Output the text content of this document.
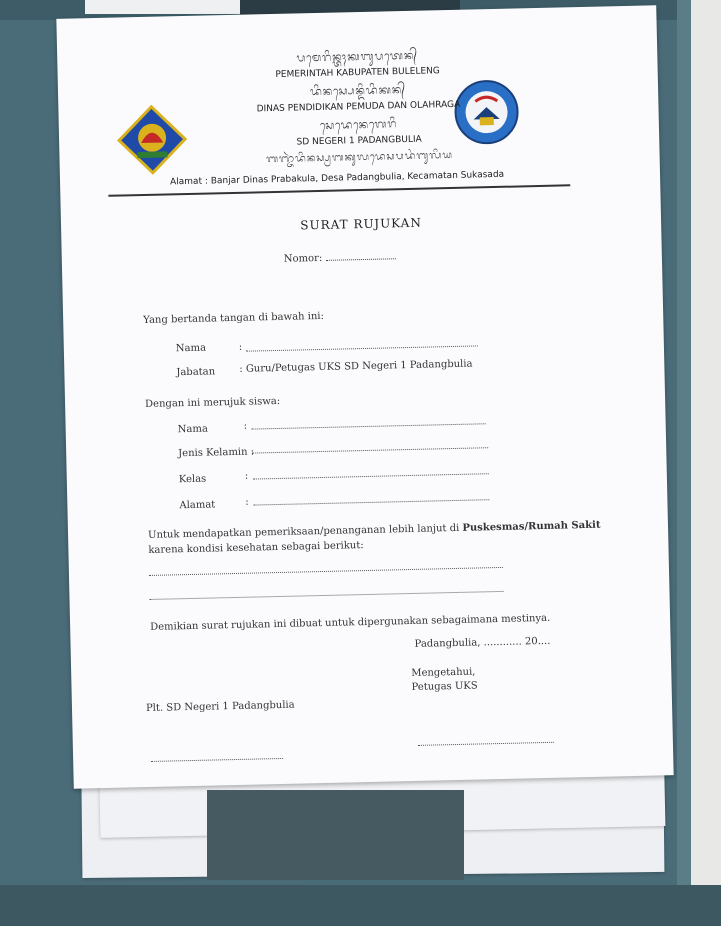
ᬧᬫᬾᬭᬶᬦ᭄ᬢᬄᬓᬩᬸᬧᬢᬾᬦ᭄
PEMERINTAH KABUPATEN BULELENG
ᬤᬶᬦᬲ᭄ᬧᬾᬦ᭄ᬤᬶᬤᬶᬓᬦ᭄
DINAS PENDIDIKAN PEMUDA DAN OLAHRAGA
ᬲᬾᬤᬾᬦᬾᬕᬾᬭᬶ
SD NEGERI 1 PADANGBULIA
ᬩᬜ᭄ᬚᬃᬤᬶᬦᬲ᭄ᬧ᭄ᬭᬩᬓᬸᬮᬤᬾᬲᬧᬤᬂᬩᬸᬮᬶᬬ
Alamat : Banjar Dinas Prabakula, Desa Padangbulia, Kecamatan Sukasada
SURAT RUJUKAN
Nomor:
Yang bertanda tangan di bawah ini:
Nama	:
Jabatan : Guru/Petugas UKS SD Negeri 1 Padangbulia
Dengan ini merujuk siswa:
Nama	:
Jenis Kelamin :
Kelas	:
Alamat	:
Untuk mendapatkan pemeriksaan/penanganan lebih lanjut di Puskesmas/Rumah Sakit
karena kondisi kesehatan sebagai berikut:
Demikian surat rujukan ini dibuat untuk dipergunakan sebagaimana mestinya.
Padangbulia, ............ 20....
Mengetahui,
Petugas UKS
Plt. SD Negeri 1 Padangbulia
